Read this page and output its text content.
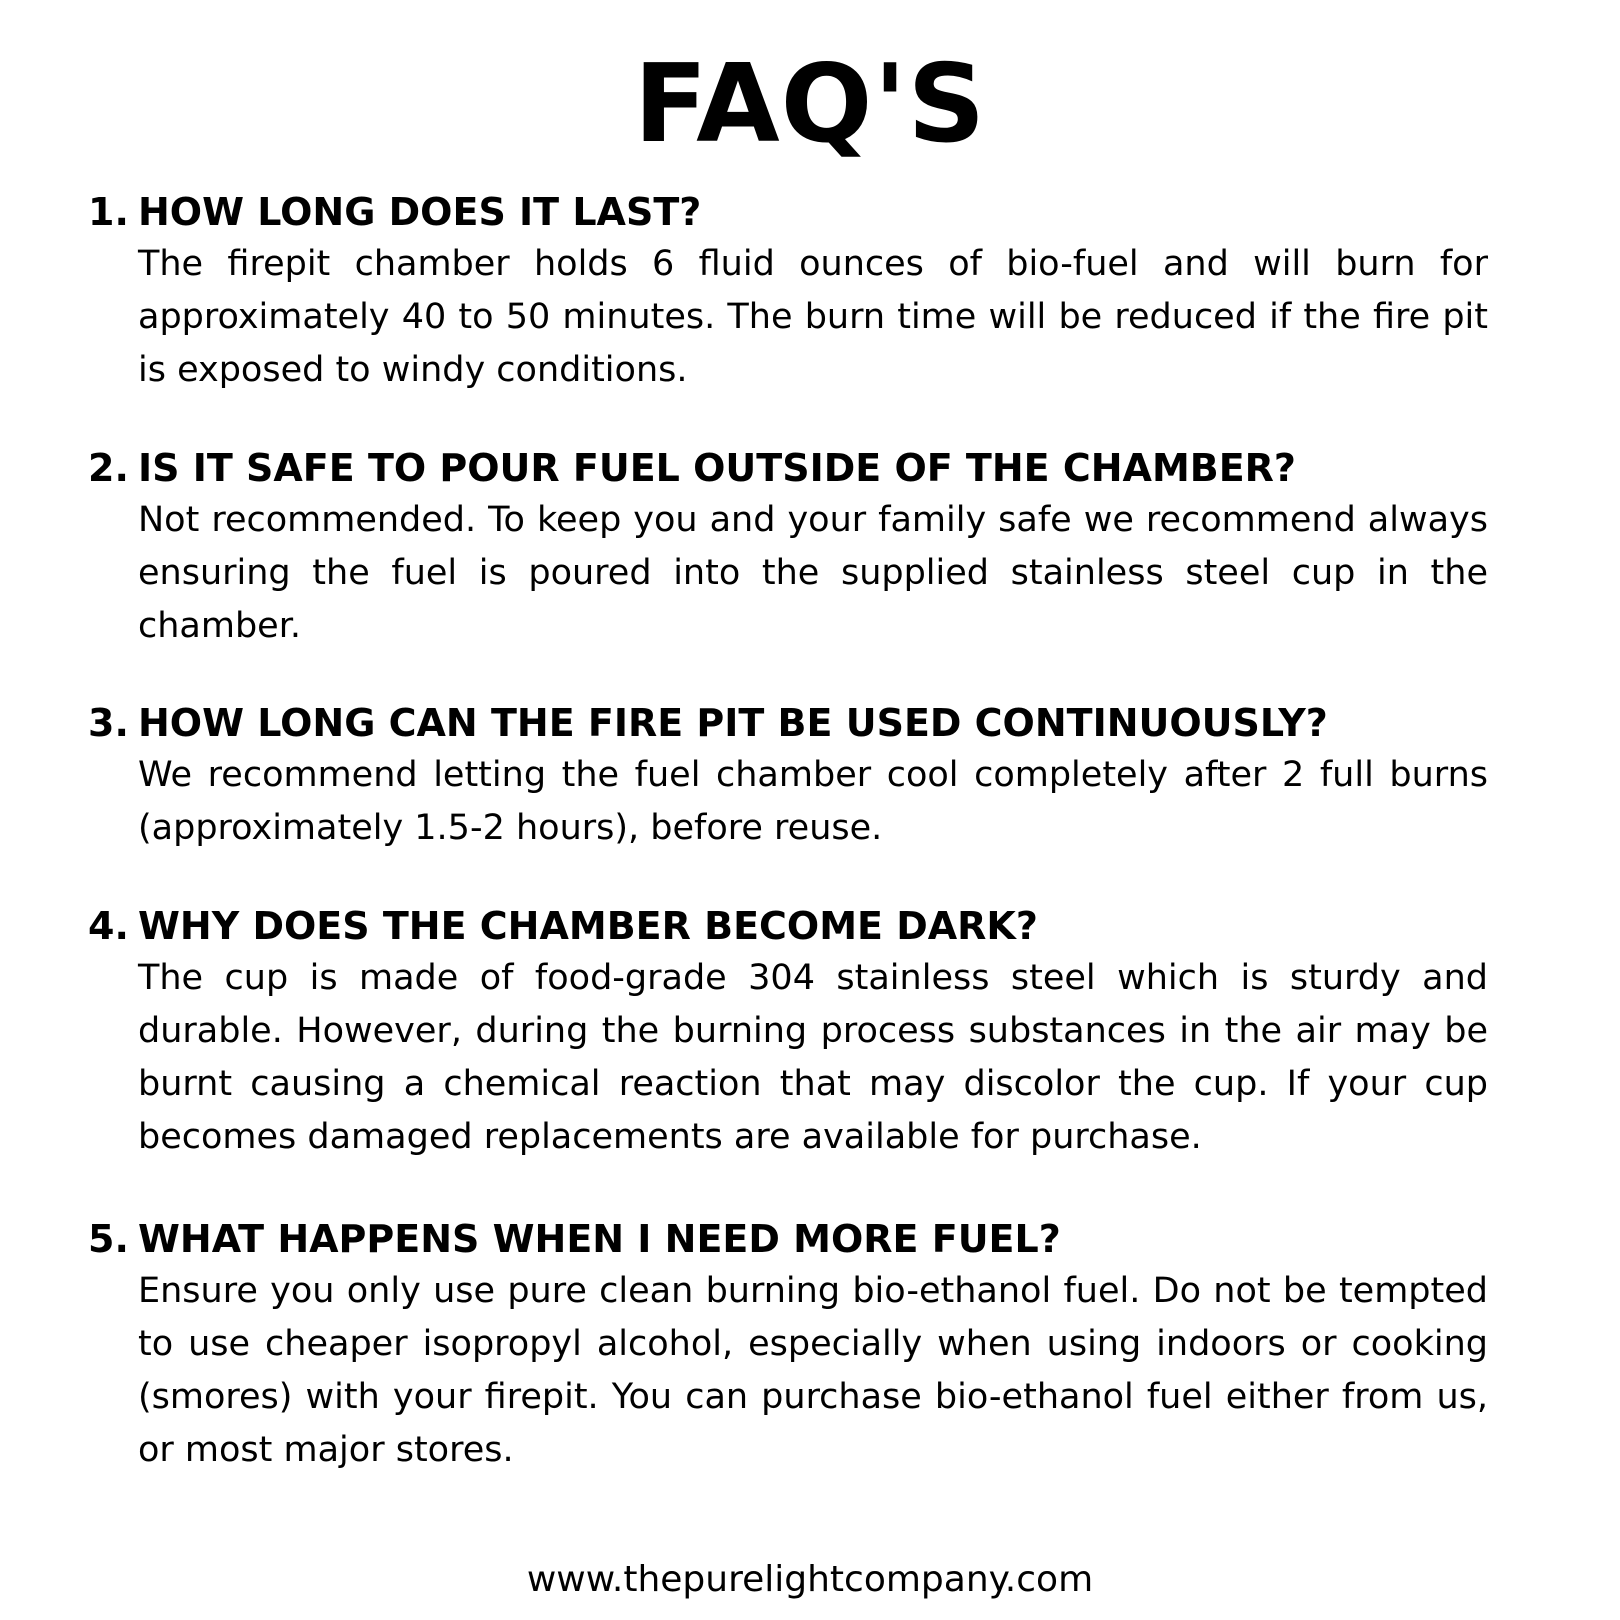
FAQ'S
1. HOW LONG DOES IT LAST?

The firepit chamber holds 6 fluid ounces of bio-fuel and will burn for approximately 40 to 50 minutes. The burn time will be reduced if the fire pit is exposed to windy conditions.

2. IS IT SAFE TO POUR FUEL OUTSIDE OF THE CHAMBER?

Not recommended. To keep you and your family safe we recommend always ensuring the fuel is poured into the supplied stainless steel cup in the chamber.

3. HOW LONG CAN THE FIRE PIT BE USED CONTINUOUSLY?

We recommend letting the fuel chamber cool completely after 2 full burns (approximately 1.5-2 hours), before reuse.

4. WHY DOES THE CHAMBER BECOME DARK?

The cup is made of food-grade 304 stainless steel which is sturdy and durable. However, during the burning process substances in the air may be burnt causing a chemical reaction that may discolor the cup. If your cup becomes damaged replacements are available for purchase.

5. WHAT HAPPENS WHEN I NEED MORE FUEL?

Ensure you only use pure clean burning bio-ethanol fuel. Do not be tempted to use cheaper isopropyl alcohol, especially when using indoors or cooking (smores) with your firepit. You can purchase bio-ethanol fuel either from us, or most major stores.

www.thepurelightcompany.com
